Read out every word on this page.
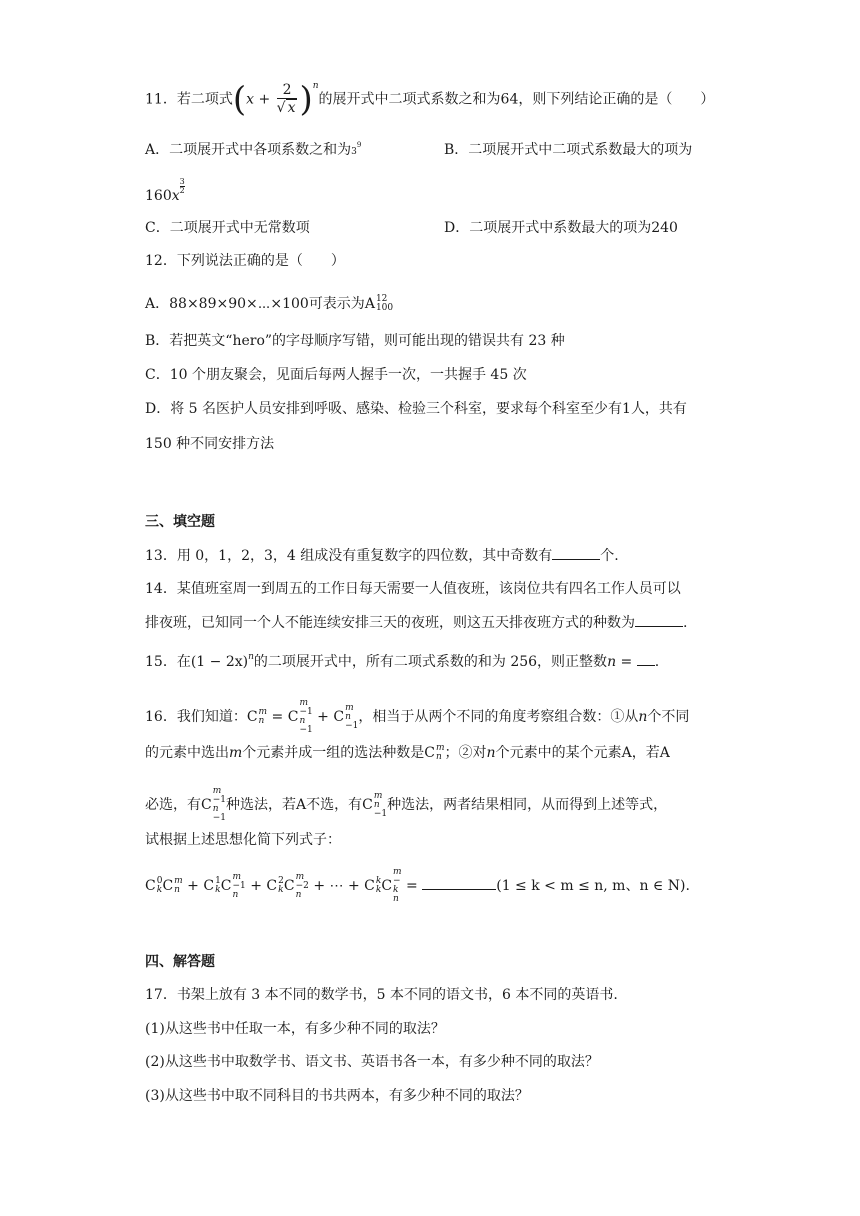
11．若二项式$(x + \frac{2}{√ x} )^n$的展开式中二项式系数之和为64，则下列结论正确的是（　　）
A．二项展开式中各项系数之和为$3^9$	B．二项展开式中二项式系数最大的项为
160x
$\frac{3}{2}$
C．二项展开式中无常数项	D．二项展开式中系数最大的项为240
12．下列说法正确的是（　　）
A．88×89×90×⋯×100可表示为A 12
100
B．若把英文“hero”的字母顺序写错，则可能出现的错误共有 23 种
C．10 个朋友聚会，见面后每两人握手一次，一共握手 45 次
D．将 5 名医护人员安排到呼吸、感染、检验三个科室，要求每个科室至少有1人，共有
150 种不同安排方法
三、填空题
13．用 0，1，2，3，4 组成没有重复数字的四位数，其中奇数有	个.
14．某值班室周一到周五的工作日每天需要一人值夜班，该岗位共有四名工作人员可以
排夜班，已知同一个人不能连续安排三天的夜班，则这五天排夜班方式的种数为	.
15．在$(1 - 2x)^n$的二项展开式中，所有二项式系数的和为 256，则正整数n = .
16．我们知道：C m
n = C
m
−1
n
−1
+ C
m
n
−1
，相当于从两个不同的角度考察组合数：①从n个不同
的元素中选出m个元素并成一组的选法种数是C m
n ；②对n个元素中的某个元素A，若A
必选，有C
m
−1
n
−1
种选法，若A不选，有C
m
n
−1
种选法，两者结果相同，从而得到上述等式，
试根据上述思想化简下列式子：
C 0
k C m
n + C 1
k C
m
−1
n
+ C 2
k C
m
−2
n
+ ⋯ + C k
k C
m
−
k
n
=	(1 ≤ k < m ≤ n, m、n ∈ N).
四、解答题
17．书架上放有 3 本不同的数学书，5 本不同的语文书，6 本不同的英语书.
(1)从这些书中任取一本，有多少种不同的取法？
(2)从这些书中取数学书、语文书、英语书各一本，有多少种不同的取法？
(3)从这些书中取不同科目的书共两本，有多少种不同的取法？
